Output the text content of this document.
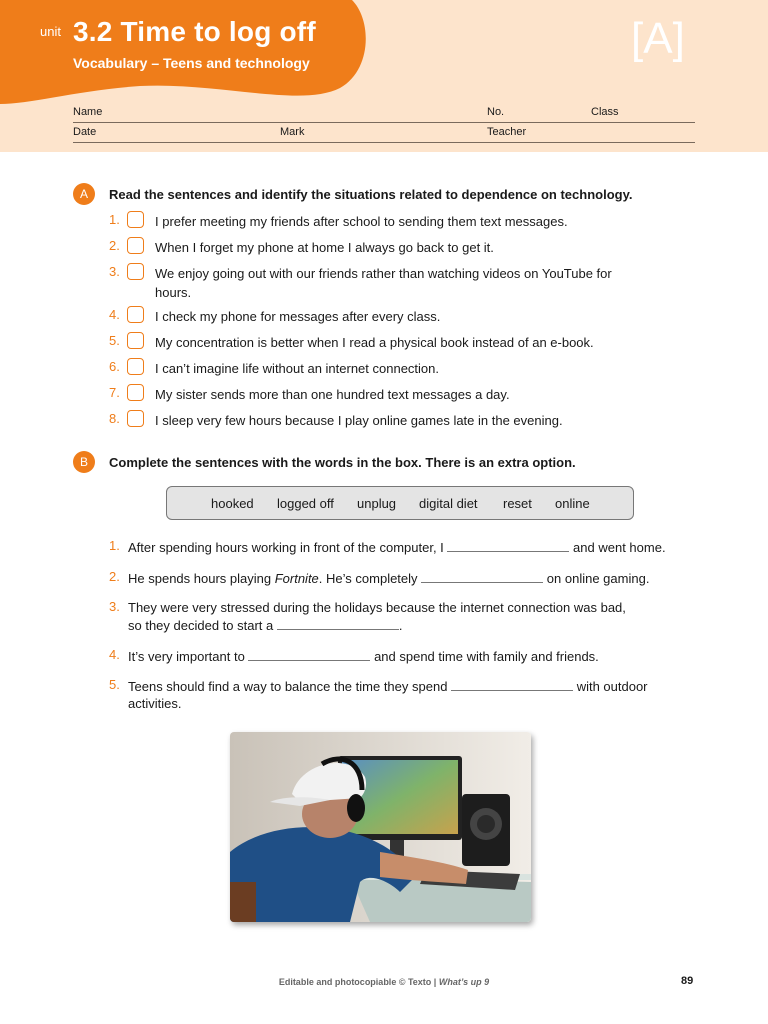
unit 3.2 Time to log off
Vocabulary – Teens and technology	[A]
Name	No.	Class
Date	Mark	Teacher
A	Read the sentences and identify the situations related to dependence on technology.
1.	I prefer meeting my friends after school to sending them text messages.
2.	When I forget my phone at home I always go back to get it.
3.	We enjoy going out with our friends rather than watching videos on YouTube for hours.
4.	I check my phone for messages after every class.
5.	My concentration is better when I read a physical book instead of an e-book.
6.	I can’t imagine life without an internet connection.
7.	My sister sends more than one hundred text messages a day.
8.	I sleep very few hours because I play online games late in the evening.
B	Complete the sentences with the words in the box. There is an extra option.
hooked logged off unplug digital diet reset online
1. After spending hours working in front of the computer, I	and went home.
2. He spends hours playing Fortnite. He’s completely	on online gaming.
3. They were very stressed during the holidays because the internet connection was bad, so they decided to start a	.
4. It’s very important to	and spend time with family and friends.
5. Teens should find a way to balance the time they spend	with outdoor activities.
Editable and photocopiable © Texto | What’s up 9	89
